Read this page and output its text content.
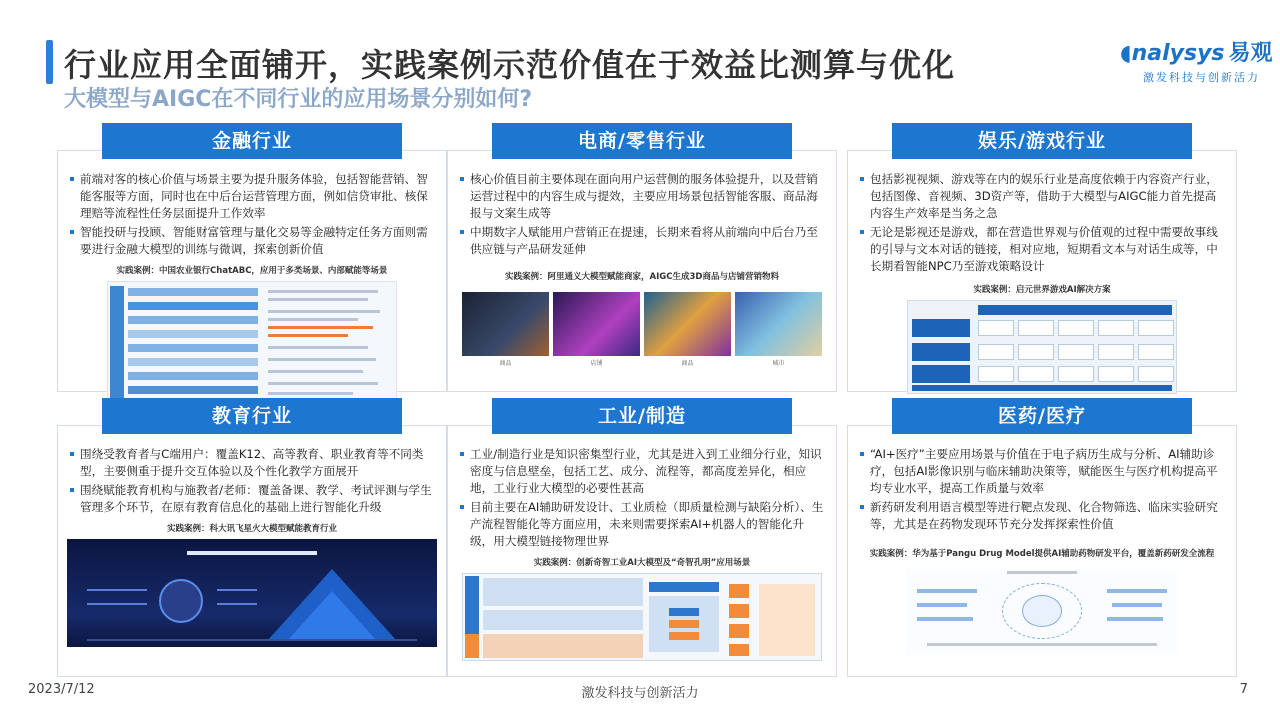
行业应用全面铺开，实践案例示范价值在于效益比测算与优化
大模型与AIGC在不同行业的应用场景分别如何?
◖nalysys 易观
激发科技与创新活力
金融行业
前端对客的核心价值与场景主要为提升服务体验，包括智能营销、智能客服等方面，同时也在中后台运营管理方面，例如信贷审批、核保理赔等流程性任务层面提升工作效率
智能投研与投顾、智能财富管理与量化交易等金融特定任务方面则需要进行金融大模型的训练与微调，探索创新价值
实践案例：中国农业银行ChatABC，应用于多类场景、内部赋能等场景
电商/零售行业
核心价值目前主要体现在面向用户运营侧的服务体验提升，以及营销运营过程中的内容生成与提效，主要应用场景包括智能客服、商品海报与文案生成等
中期数字人赋能用户营销正在提速，长期来看将从前端向中后台乃至供应链与产品研发延伸
实践案例：阿里通义大模型赋能商家，AIGC生成3D商品与店铺营销物料
商品	店铺	商品	城市
娱乐/游戏行业
包括影视视频、游戏等在内的娱乐行业是高度依赖于内容资产行业，包括图像、音视频、3D资产等，借助于大模型与AIGC能力首先提高内容生产效率是当务之急
无论是影视还是游戏，都在营造世界观与价值观的过程中需要故事线的引导与文本对话的链接，相对应地，短期看文本与对话生成等，中长期看智能NPC乃至游戏策略设计
实践案例：启元世界游戏AI解决方案
教育行业
围绕受教育者与C端用户：覆盖K12、高等教育、职业教育等不同类型，主要侧重于提升交互体验以及个性化教学方面展开
围绕赋能教育机构与施教者/老师：覆盖备课、教学、考试评测与学生管理多个环节，在原有教育信息化的基础上进行智能化升级
实践案例：科大讯飞星火大模型赋能教育行业
工业/制造
工业/制造行业是知识密集型行业，尤其是进入到工业细分行业，知识密度与信息壁垒，包括工艺、成分、流程等，都高度差异化，相应地，工业行业大模型的必要性甚高
目前主要在AI辅助研发设计、工业质检（即质量检测与缺陷分析）、生产流程智能化等方面应用，未来则需要探索AI+机器人的智能化升级，用大模型链接物理世界
实践案例：创新奇智工业AI大模型及“奇智孔明”应用场景
医药/医疗
“AI+医疗”主要应用场景与价值在于电子病历生成与分析、AI辅助诊疗，包括AI影像识别与临床辅助决策等，赋能医生与医疗机构提高平均专业水平，提高工作质量与效率
新药研发利用语言模型等进行靶点发现、化合物筛选、临床实验研究等，尤其是在药物发现环节充分发挥探索性价值
实践案例：华为基于Pangu Drug Model提供AI辅助药物研发平台，覆盖新药研发全流程
2023/7/12	激发科技与创新活力	7
